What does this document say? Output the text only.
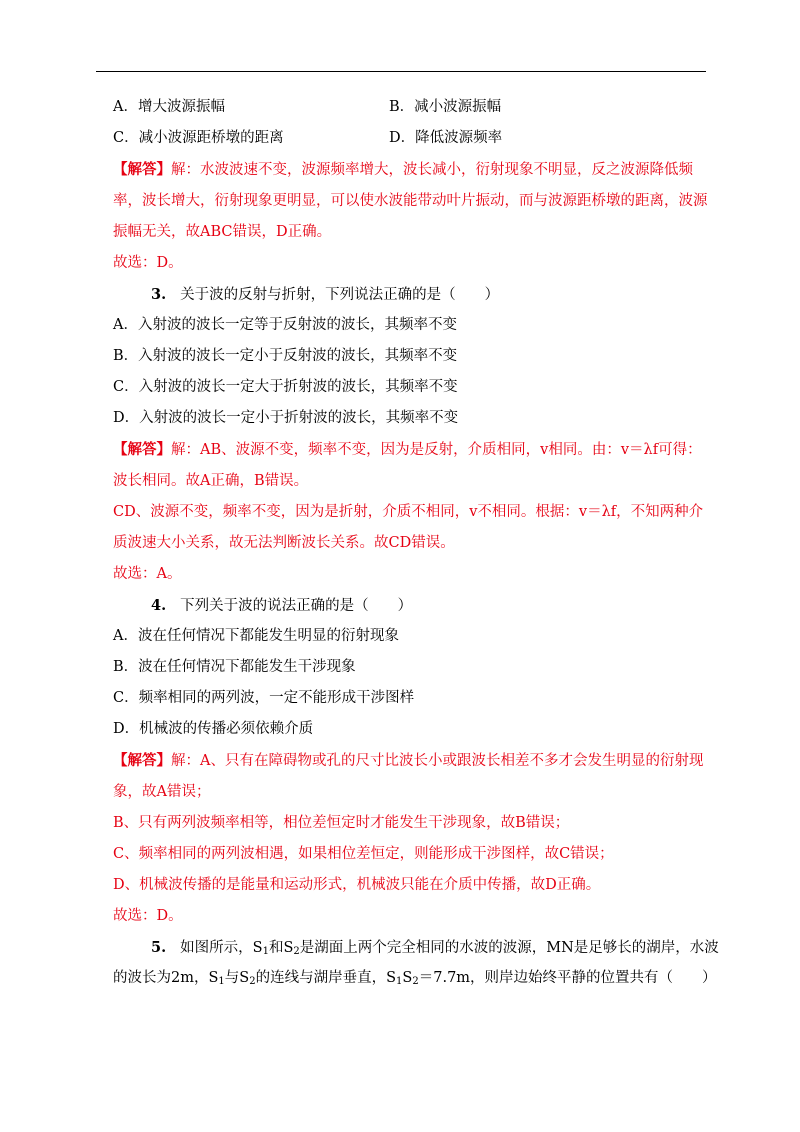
A．增大波源振幅	B．减小波源振幅
C．减小波源距桥墩的距离	D．降低波源频率
【解答】解：水波波速不变，波源频率增大，波长减小，衍射现象不明显，反之波源降低频率，波长增大，衍射现象更明显，可以使水波能带动叶片振动，而与波源距桥墩的距离，波源振幅无关，故ABC错误，D正确。
故选：D。
3. 关于波的反射与折射，下列说法正确的是（　　）
A．入射波的波长一定等于反射波的波长，其频率不变
B．入射波的波长一定小于反射波的波长，其频率不变
C．入射波的波长一定大于折射波的波长，其频率不变
D．入射波的波长一定小于折射波的波长，其频率不变
【解答】解：AB、波源不变，频率不变，因为是反射，介质相同，v相同。由：v＝λf可得：波长相同。故A正确，B错误。
CD、波源不变，频率不变，因为是折射，介质不相同，v不相同。根据：v＝λf，不知两种介质波速大小关系，故无法判断波长关系。故CD错误。
故选：A。
4. 下列关于波的说法正确的是（　　）
A．波在任何情况下都能发生明显的衍射现象
B．波在任何情况下都能发生干涉现象
C．频率相同的两列波，一定不能形成干涉图样
D．机械波的传播必须依赖介质
【解答】解：A、只有在障碍物或孔的尺寸比波长小或跟波长相差不多才会发生明显的衍射现象，故A错误；
B、只有两列波频率相等，相位差恒定时才能发生干涉现象，故B错误；
C、频率相同的两列波相遇，如果相位差恒定，则能形成干涉图样，故C错误；
D、机械波传播的是能量和运动形式，机械波只能在介质中传播，故D正确。
故选：D。
5. 如图所示，$S_1$和$S_2$是湖面上两个完全相同的水波的波源，MN是足够长的湖岸，水波
的波长为2m，$S_1$与$S_2$的连线与湖岸垂直，$S_1S_2=7.7m$，则岸边始终平静的位置共有（　　）
